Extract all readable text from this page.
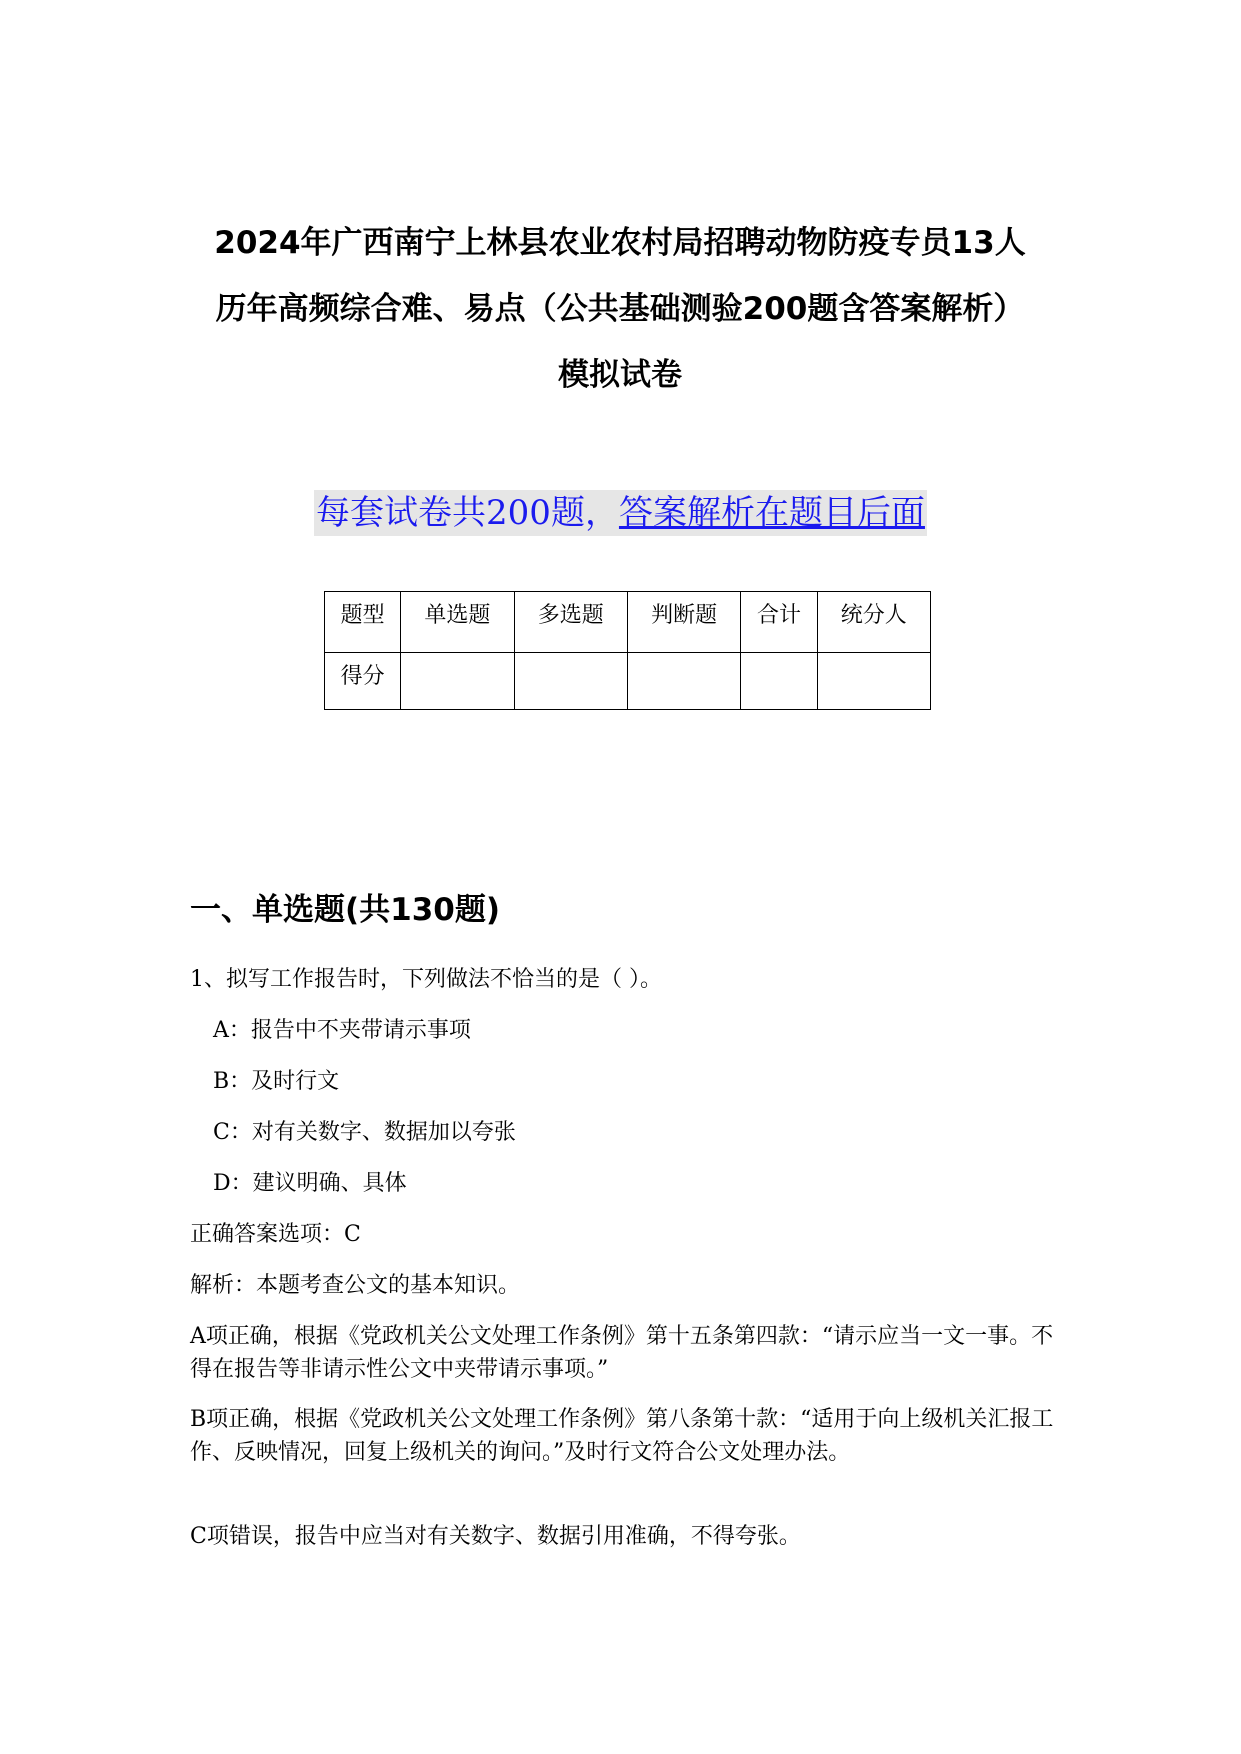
2024年广西南宁上林县农业农村局招聘动物防疫专员13人
历年高频综合难、易点（公共基础测验200题含答案解析）
模拟试卷
每套试卷共200题，答案解析在题目后面
题型	单选题	多选题	判断题	合计	统分人
得分					
一、单选题(共130题)
1、拟写工作报告时，下列做法不恰当的是（ ）。
A：报告中不夹带请示事项
B：及时行文
C：对有关数字、数据加以夸张
D：建议明确、具体
正确答案选项：C
解析：本题考查公文的基本知识。
A项正确，根据《党政机关公文处理工作条例》第十五条第四款：“请示应当一文一事。不得在报告等非请示性公文中夹带请示事项。”
B项正确，根据《党政机关公文处理工作条例》第八条第十款：“适用于向上级机关汇报工作、反映情况，回复上级机关的询问。”及时行文符合公文处理办法。
C项错误，报告中应当对有关数字、数据引用准确，不得夸张。
